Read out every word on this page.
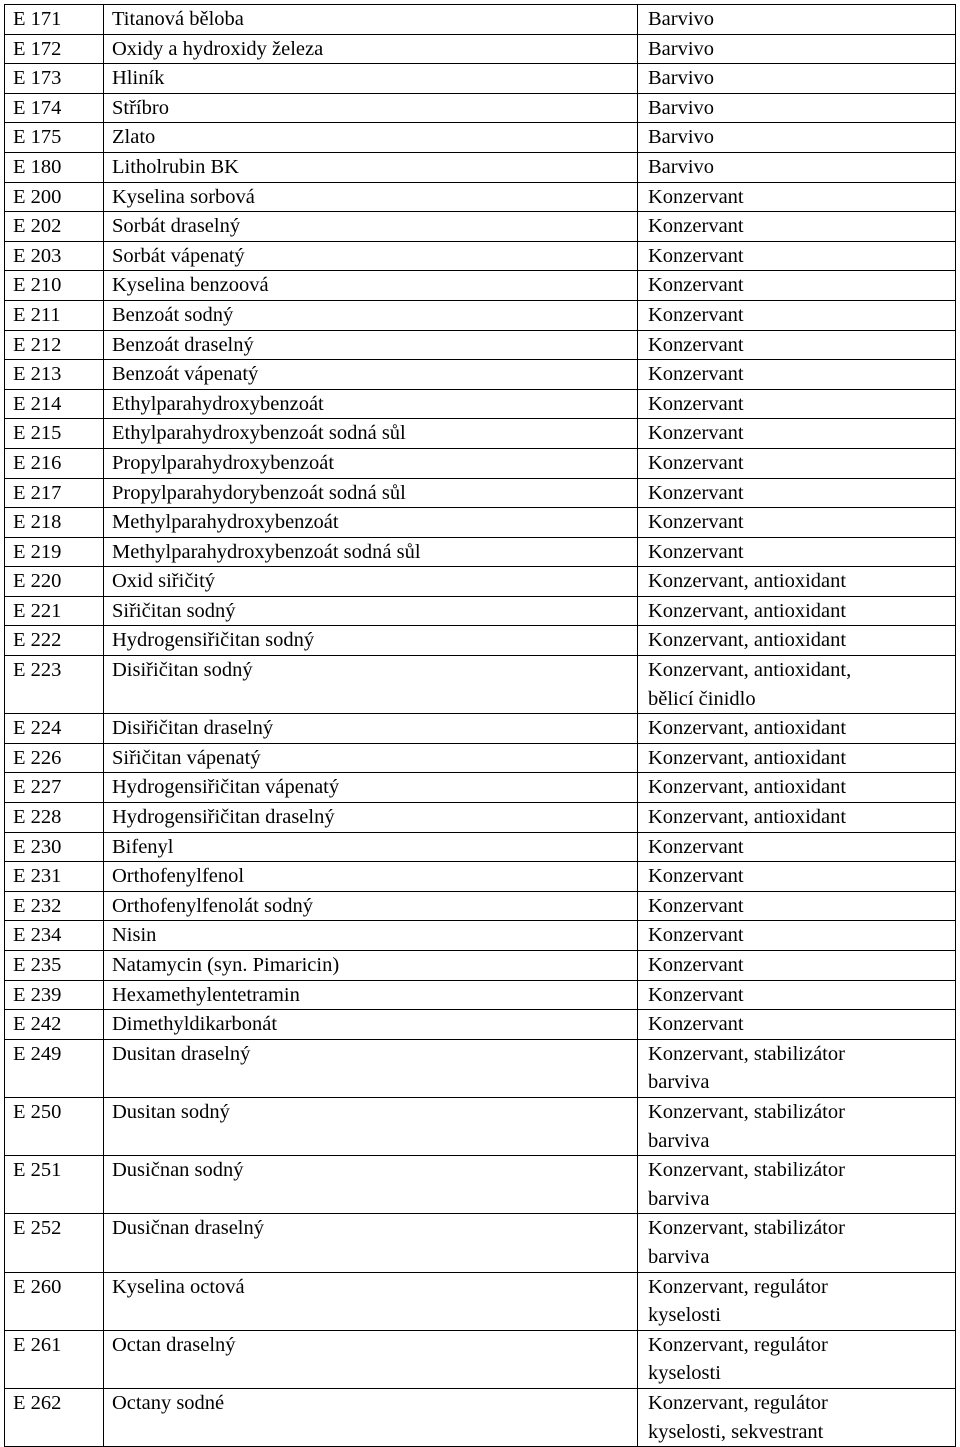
E 171	Titanová běloba	Barvivo

E 172	Oxidy a hydroxidy železa	Barvivo

E 173	Hliník	Barvivo

E 174	Stříbro	Barvivo

E 175	Zlato	Barvivo

E 180	Litholrubin BK	Barvivo

E 200	Kyselina sorbová	Konzervant

E 202	Sorbát draselný	Konzervant

E 203	Sorbát vápenatý	Konzervant

E 210	Kyselina benzoová	Konzervant

E 211	Benzoát sodný	Konzervant

E 212	Benzoát draselný	Konzervant

E 213	Benzoát vápenatý	Konzervant

E 214	Ethylparahydroxybenzoát	Konzervant

E 215	Ethylparahydroxybenzoát sodná sůl	Konzervant

E 216	Propylparahydroxybenzoát	Konzervant

E 217	Propylparahydorybenzoát sodná sůl	Konzervant

E 218	Methylparahydroxybenzoát	Konzervant

E 219	Methylparahydroxybenzoát sodná sůl	Konzervant

E 220	Oxid siřičitý	Konzervant, antioxidant

E 221	Siřičitan sodný	Konzervant, antioxidant

E 222	Hydrogensiřičitan sodný	Konzervant, antioxidant

E 223	Disiřičitan sodný	Konzervant, antioxidant,
bělicí činidlo

E 224	Disiřičitan draselný	Konzervant, antioxidant

E 226	Siřičitan vápenatý	Konzervant, antioxidant

E 227	Hydrogensiřičitan vápenatý	Konzervant, antioxidant

E 228	Hydrogensiřičitan draselný	Konzervant, antioxidant

E 230	Bifenyl	Konzervant

E 231	Orthofenylfenol	Konzervant

E 232	Orthofenylfenolát sodný	Konzervant

E 234	Nisin	Konzervant

E 235	Natamycin (syn. Pimaricin)	Konzervant

E 239	Hexamethylentetramin	Konzervant

E 242	Dimethyldikarbonát	Konzervant

E 249	Dusitan draselný	Konzervant, stabilizátor
barviva

E 250	Dusitan sodný	Konzervant, stabilizátor
barviva

E 251	Dusičnan sodný	Konzervant, stabilizátor
barviva

E 252	Dusičnan draselný	Konzervant, stabilizátor
barviva

E 260	Kyselina octová	Konzervant, regulátor
kyselosti

E 261	Octan draselný	Konzervant, regulátor
kyselosti

E 262	Octany sodné	Konzervant, regulátor
kyselosti, sekvestrant
